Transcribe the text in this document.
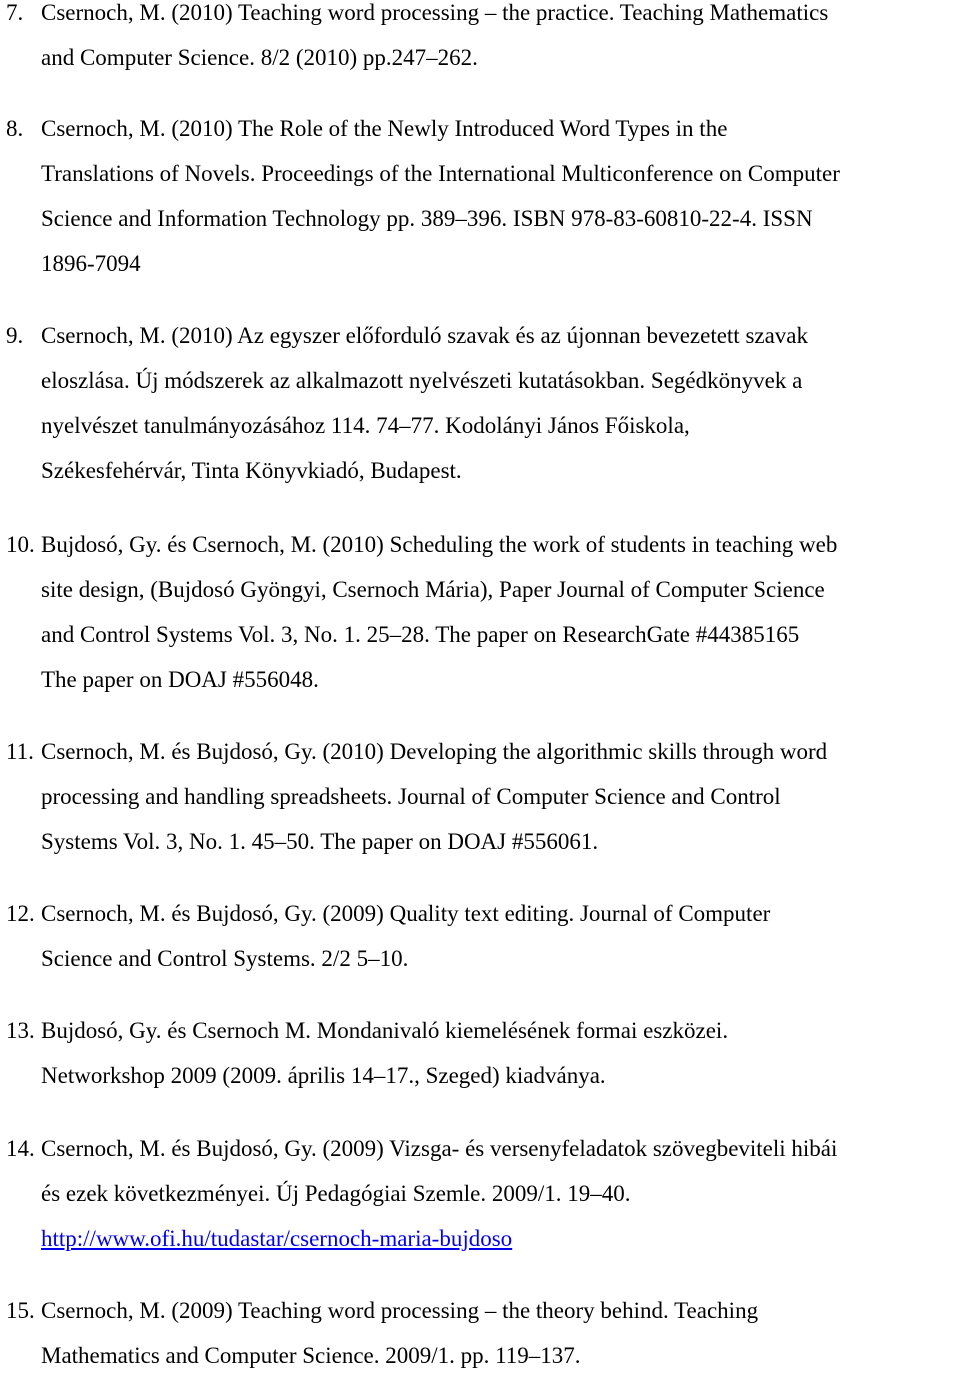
7. Csernoch, M. (2010) Teaching word processing – the practice. Teaching Mathematics
and Computer Science. 8/2 (2010) pp.247–262.
8. Csernoch, M. (2010) The Role of the Newly Introduced Word Types in the
Translations of Novels. Proceedings of the International Multiconference on Computer
Science and Information Technology pp. 389–396. ISBN 978-83-60810-22-4. ISSN
1896-7094
9. Csernoch, M. (2010) Az egyszer előforduló szavak és az újonnan bevezetett szavak
eloszlása. Új módszerek az alkalmazott nyelvészeti kutatásokban. Segédkönyvek a
nyelvészet tanulmányozásához 114. 74–77. Kodolányi János Főiskola,
Székesfehérvár, Tinta Könyvkiadó, Budapest.
10. Bujdosó, Gy. és Csernoch, M. (2010) Scheduling the work of students in teaching web
site design, (Bujdosó Gyöngyi, Csernoch Mária), Paper Journal of Computer Science
and Control Systems Vol. 3, No. 1. 25–28. The paper on ResearchGate #44385165
The paper on DOAJ #556048.
11. Csernoch, M. és Bujdosó, Gy. (2010) Developing the algorithmic skills through word
processing and handling spreadsheets. Journal of Computer Science and Control
Systems Vol. 3, No. 1. 45–50. The paper on DOAJ #556061.
12. Csernoch, M. és Bujdosó, Gy. (2009) Quality text editing. Journal of Computer
Science and Control Systems. 2/2 5–10.
13. Bujdosó, Gy. és Csernoch M. Mondanivaló kiemelésének formai eszközei.
Networkshop 2009 (2009. április 14–17., Szeged) kiadványa.
14. Csernoch, M. és Bujdosó, Gy. (2009) Vizsga- és versenyfeladatok szövegbeviteli hibái
és ezek következményei. Új Pedagógiai Szemle. 2009/1. 19–40.
http://www.ofi.hu/tudastar/csernoch-maria-bujdoso
15. Csernoch, M. (2009) Teaching word processing – the theory behind. Teaching
Mathematics and Computer Science. 2009/1. pp. 119–137.
